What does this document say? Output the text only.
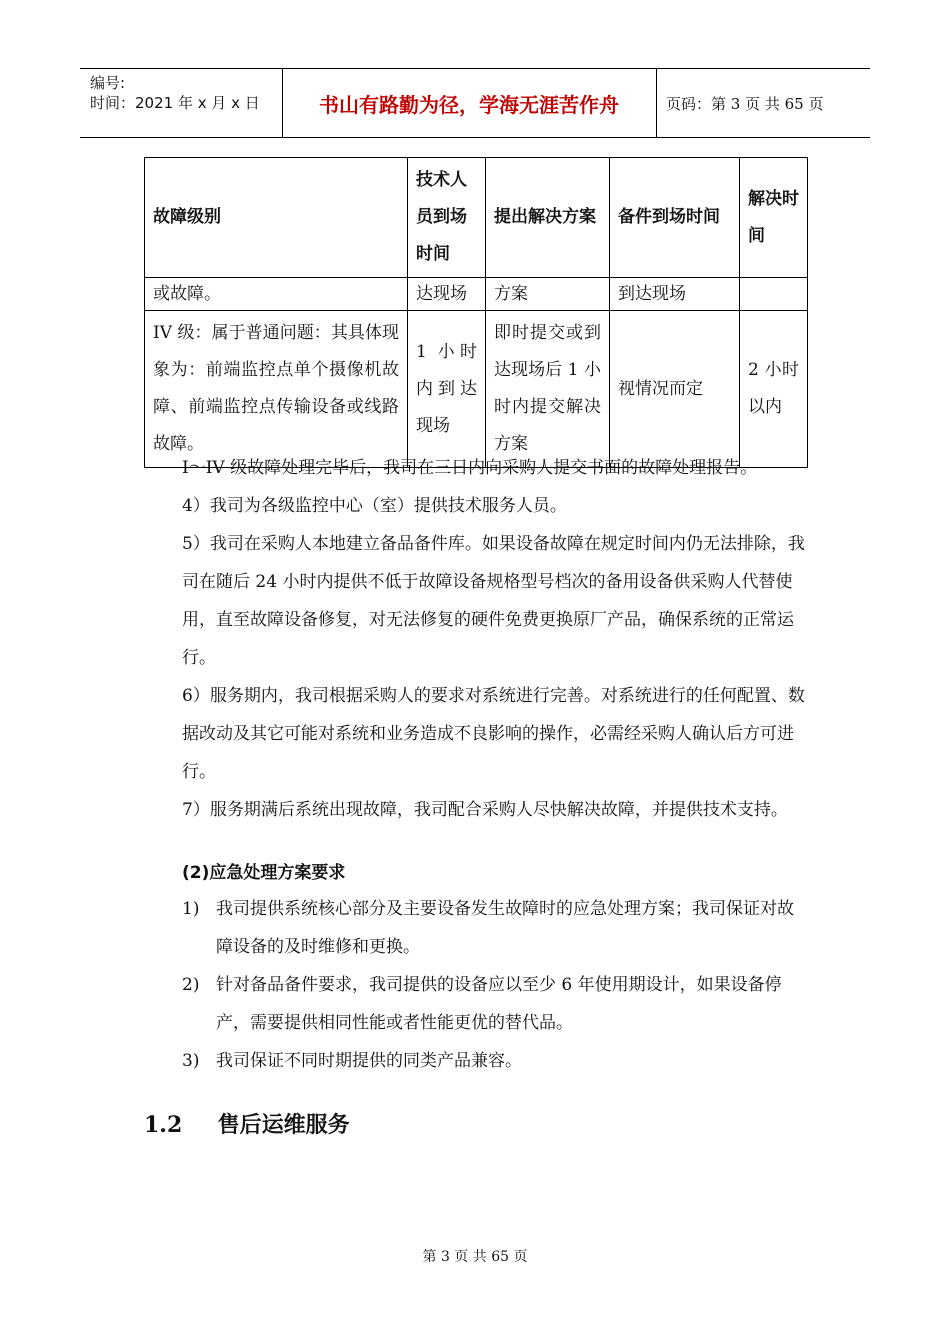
编号:
时间：2021 年 x 月 x 日	书山有路勤为径，学海无涯苦作舟	页码：第 3 页 共 65 页
故障级别	技术人员到场时间	提出解决方案	备件到场时间	解决时间
或故障。	达现场	方案	到达现场	
IV 级：属于普通问题：其具体现象为：前端监控点单个摄像机故障、前端监控点传输设备或线路故障。	1 小时内到达现场	即时提交或到达现场后 1 小时内提交解决方案	视情况而定	2 小时以内

I～IV 级故障处理完毕后，我司在三日内向采购人提交书面的故障处理报告。

4）我司为各级监控中心（室）提供技术服务人员。

5）我司在采购人本地建立备品备件库。如果设备故障在规定时间内仍无法排除，我司在随后 24 小时内提供不低于故障设备规格型号档次的备用设备供采购人代替使用，直至故障设备修复，对无法修复的硬件免费更换原厂产品，确保系统的正常运行。

6）服务期内，我司根据采购人的要求对系统进行完善。对系统进行的任何配置、数据改动及其它可能对系统和业务造成不良影响的操作，必需经采购人确认后方可进行。

7）服务期满后系统出现故障，我司配合采购人尽快解决故障，并提供技术支持。

(2)应急处理方案要求
1) 我司提供系统核心部分及主要设备发生故障时的应急处理方案；我司保证对故障设备的及时维修和更换。
2) 针对备品备件要求，我司提供的设备应以至少 6 年使用期设计，如果设备停产，需要提供相同性能或者性能更优的替代品。
3) 我司保证不同时期提供的同类产品兼容。
1.2 售后运维服务
第 3 页 共 65 页
